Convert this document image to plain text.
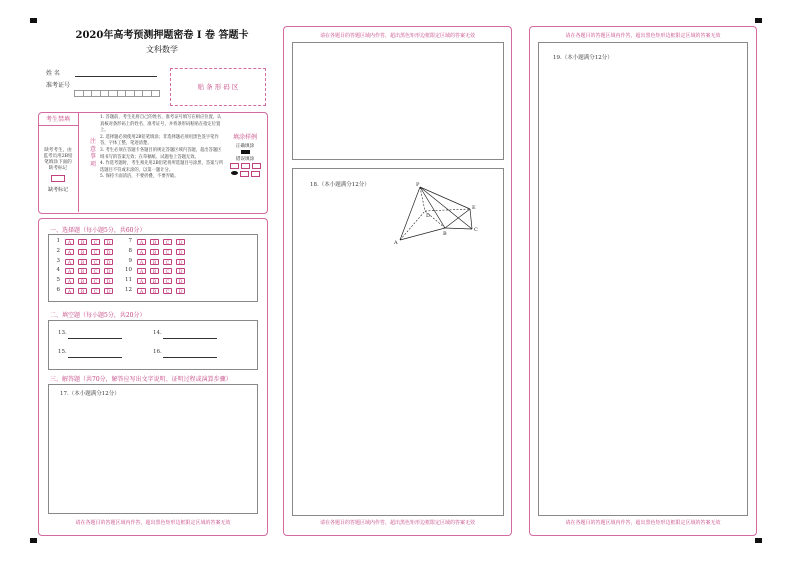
2020年高考预测押题密卷 I 卷 答题卡
文科数学
姓 名
准考证号	贴 条 形 码 区
考生禁填
缺考考生，由监考员用2B铅笔填涂下面的缺考标记
缺考标记
注意事项
1. 答题前，考生先将自己的姓名、准考证号填写在相应位置，认真核对条形码上的姓名、准考证号，并将条形码粘贴在指定位置上。
2. 选择题必须使用2B铅笔填涂；非选择题必须用黑色签字笔作答，字体工整，笔迹清楚。
3. 考生必须在答题卡各题目的规定答题区域内答题，超出答题区域书写的答案无效；在草稿纸、试题卷上答题无效。
4. 作选考题时，考生须先用2B铅笔将所选题目号涂黑，答案与所选题目不符或未涂的，以第一题计分。
5. 保持卡面清洁，不要折叠，不要弄破。
填涂样例
正确填涂
错误填涂
一、选择题（每小题5分，共60分）
1	A	B	C	D
2	A	B	C	D
3	A	B	C	D
4	A	B	C	D
5	A	B	C	D
6	A	B	C	D
7	A	B	C	D
8	A	B	C	D
9	A	B	C	D
10	A	B	C	D
11	A	B	C	D
12	A	B	C	D
二、填空题（每小题5分，共20分）
13.	14.
15.	16.
三、解答题（共70分，解答应写出文字说明、证明过程或演算步骤）
17.（本小题满分12分）
请在各题目的答题区域内作答，超出黑色矩形边框限定区域的答案无效
请在各题目的答题区域内作答，超出黑色矩形边框限定区域的答案无效
18.（本小题满分12分）	P
A
B
C
D
E
请在各题目的答题区域内作答，超出黑色矩形边框限定区域的答案无效
请在各题目的答题区域内作答，超出黑色矩形边框限定区域的答案无效
19.（本小题满分12分）
请在各题目的答题区域内作答，超出黑色矩形边框限定区域的答案无效
